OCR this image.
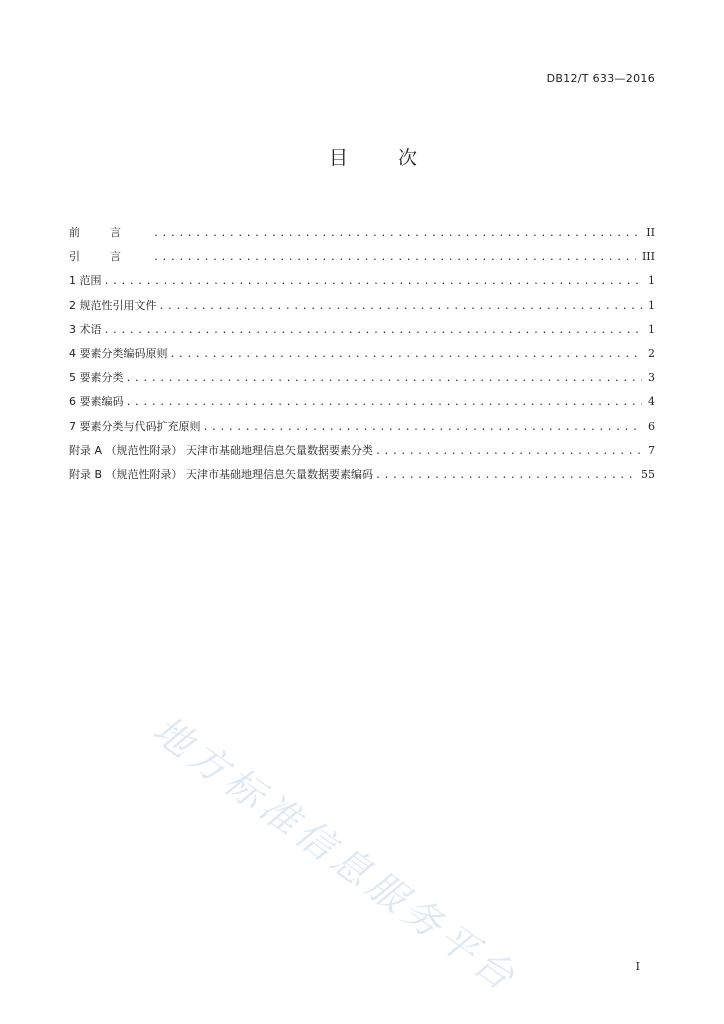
DB12/T 633—2016
目 次
前言 .....	II
引言 .....	III
1 范围 .....	1
2 规范性引用文件 .....	1
3 术语 .....	1
4 要素分类编码原则 .....	2
5 要素分类 .....	3
6 要素编码 .....	4
7 要素分类与代码扩充原则 .....	6
附录 A （规范性附录） 天津市基础地理信息矢量数据要素分类 .....	7
附录 B （规范性附录） 天津市基础地理信息矢量数据要素编码 .....	55
地方标准信息服务平台	I
